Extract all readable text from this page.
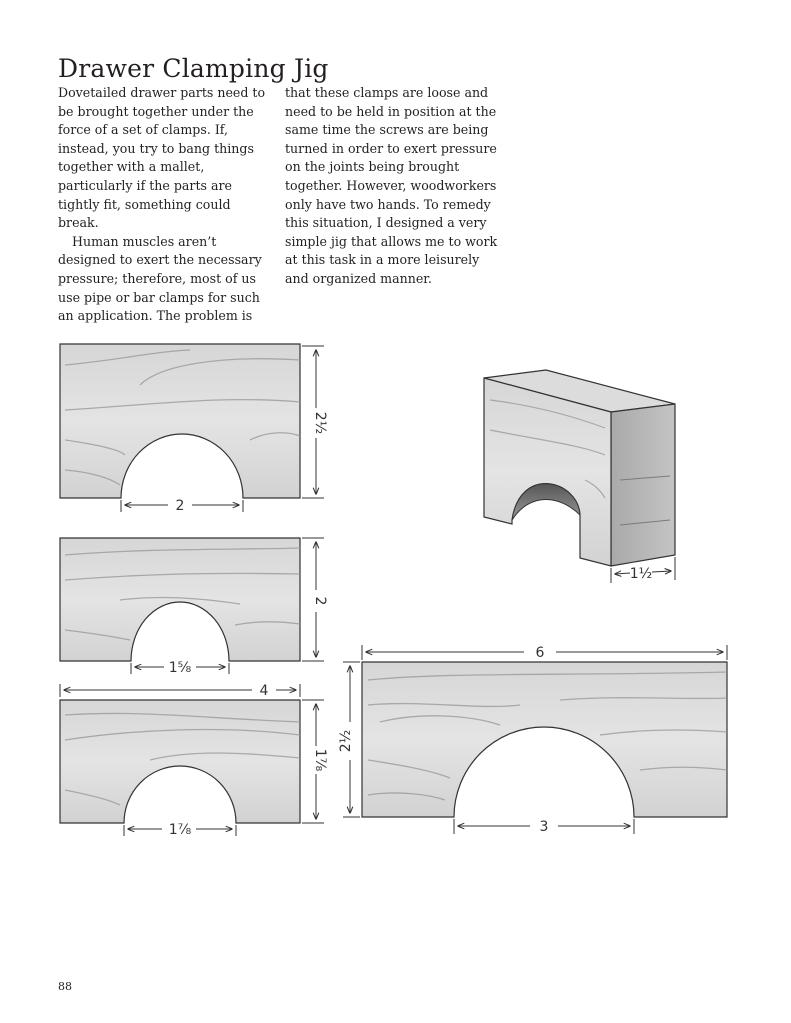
Drawer Clamping Jig

Dovetailed drawer parts need to be brought together under the force of a set of clamps. If, instead, you try to bang things together with a mallet, particularly if the parts are tightly fit, something could break.

Human muscles aren’t designed to exert the necessary pressure; therefore, most of us use pipe or bar clamps for such an application. The problem is

that these clamps are loose and need to be held in position at the same time the screws are being turned in order to exert pressure on the joints being brought together. However, woodworkers only have two hands. To remedy this situation, I designed a very simple jig that allows me to work at this task in a more leisurely and organized manner.

2½
2
2
1⅝
4
1⅞
1⅞
6
2½
3
1½
88
